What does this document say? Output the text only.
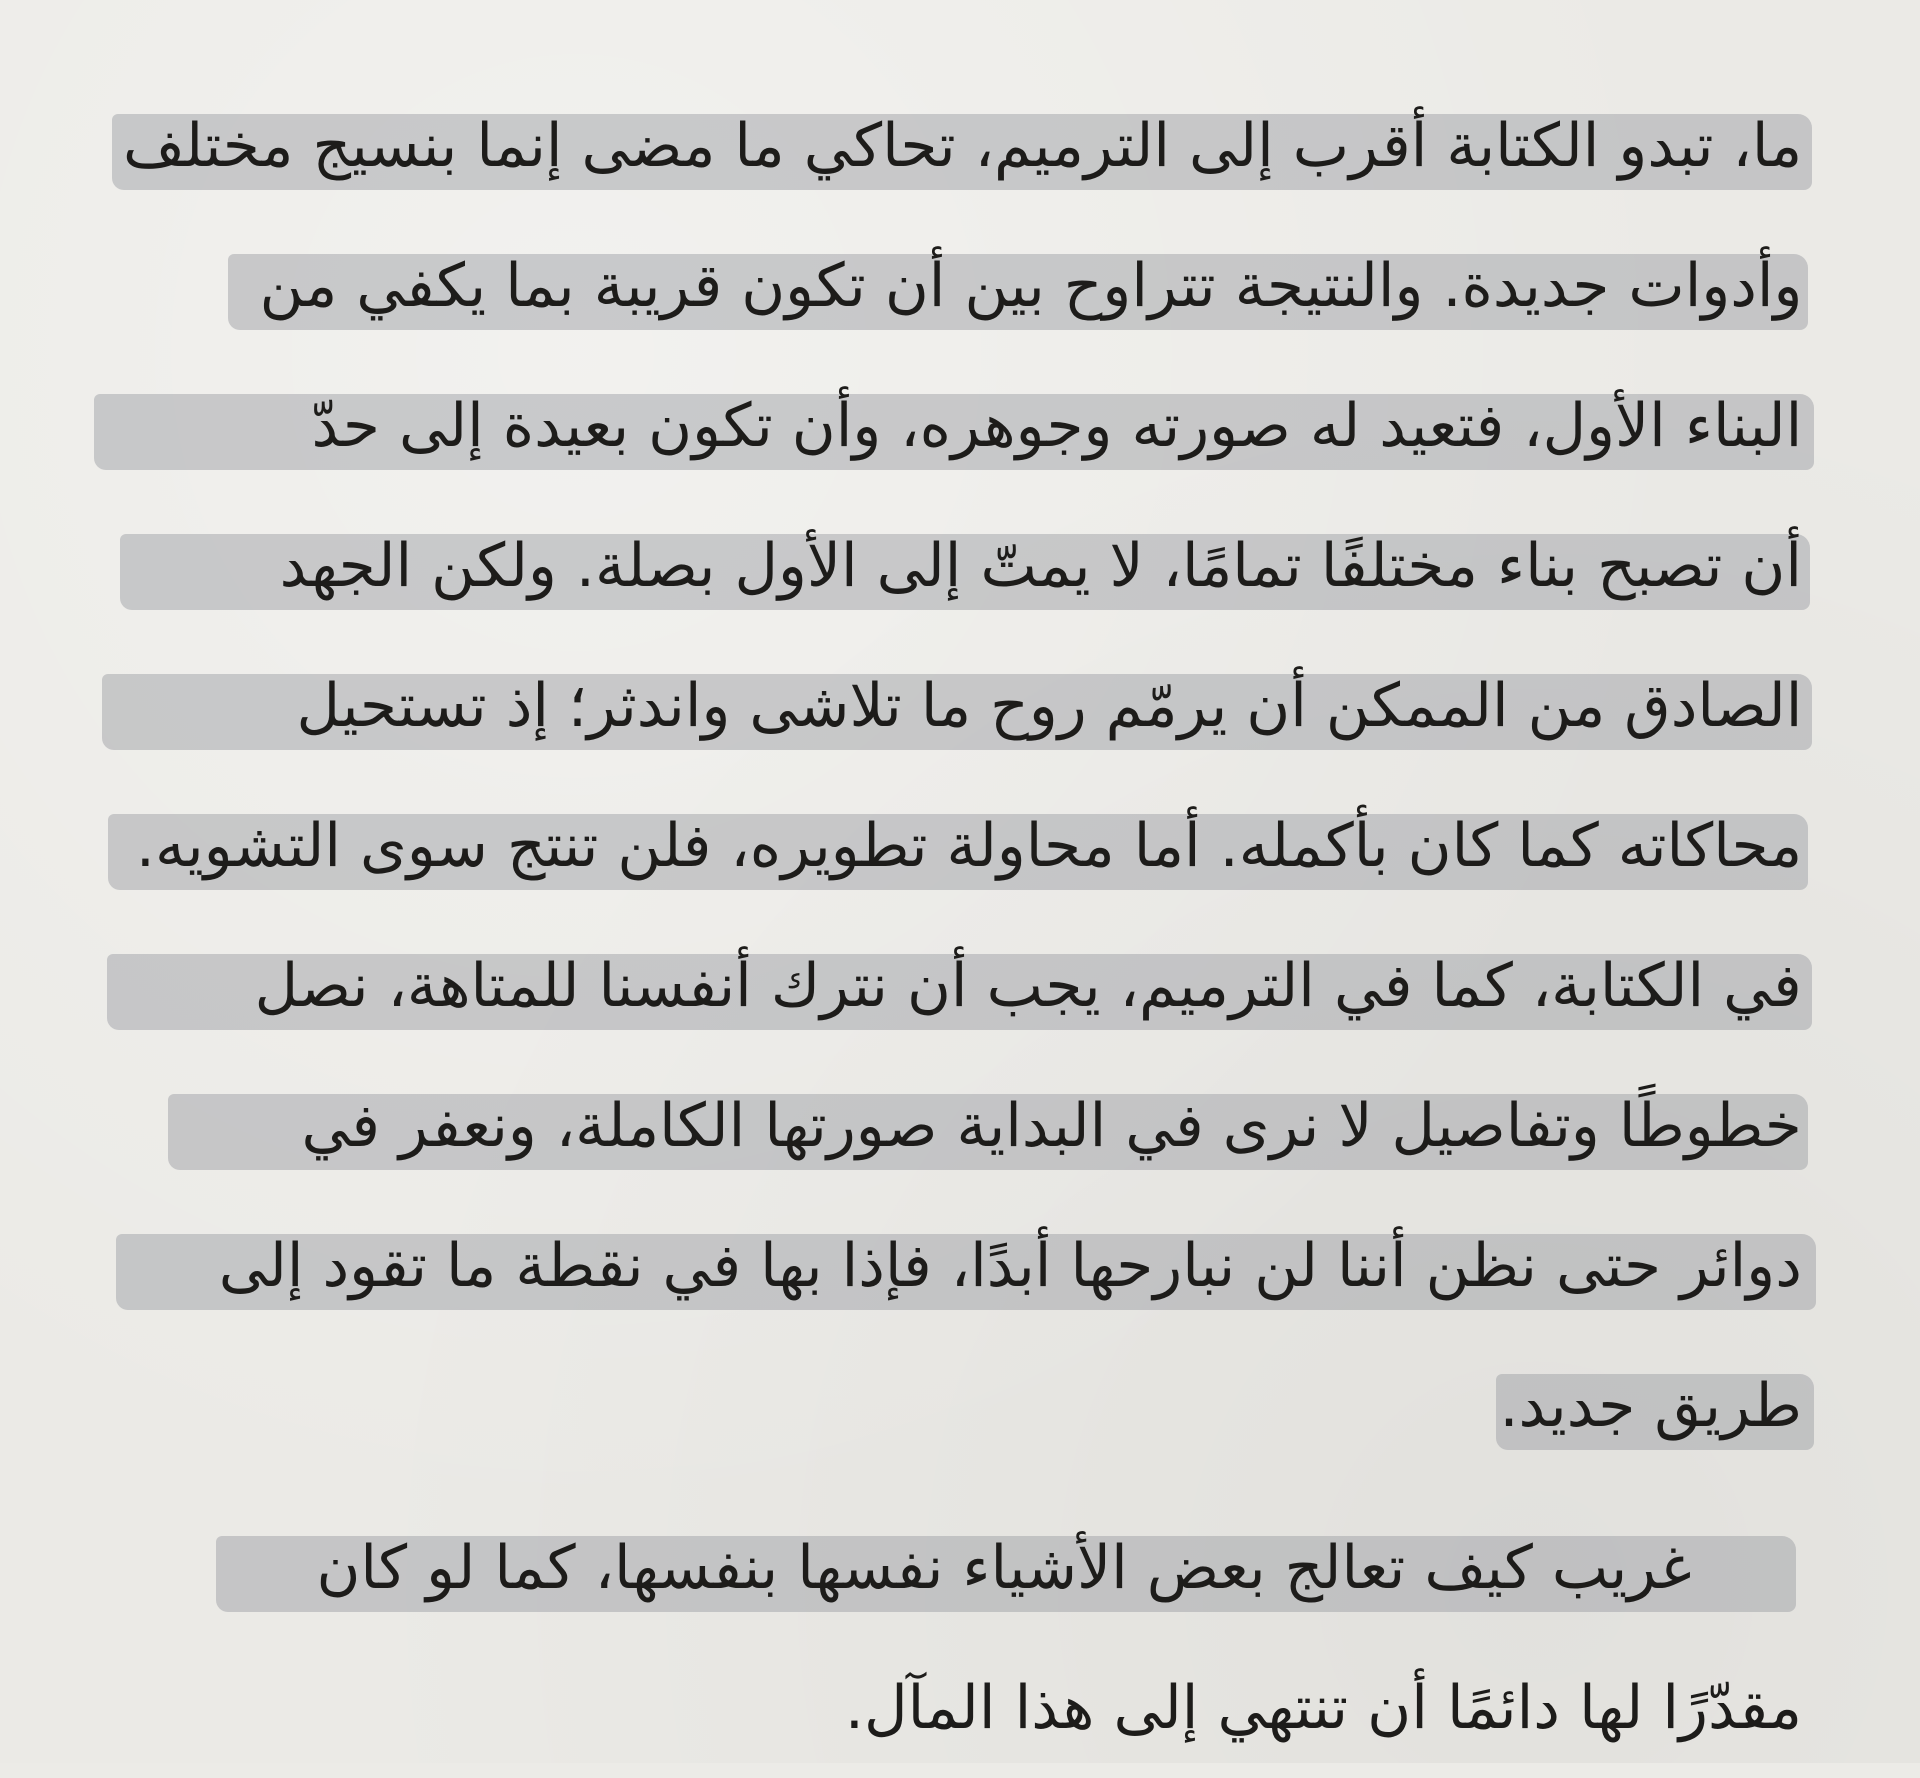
ما، تبدو الكتابة أقرب إلى الترميم، تحاكي ما مضى إنما بنسيج مختلف
وأدوات جديدة. والنتيجة تتراوح بين أن تكون قريبة بما يكفي من
البناء الأول، فتعيد له صورته وجوهره، وأن تكون بعيدة إلى حدّ
أن تصبح بناء مختلفًا تمامًا، لا يمتّ إلى الأول بصلة. ولكن الجهد
الصادق من الممكن أن يرمّم روح ما تلاشى واندثر؛ إذ تستحيل
محاكاته كما كان بأكمله. أما محاولة تطويره، فلن تنتج سوى التشويه.
في الكتابة، كما في الترميم، يجب أن نترك أنفسنا للمتاهة، نصل
خطوطًا وتفاصيل لا نرى في البداية صورتها الكاملة، ونعفر في
دوائر حتى نظن أننا لن نبارحها أبدًا، فإذا بها في نقطة ما تقود إلى
طريق جديد.
غريب كيف تعالج بعض الأشياء نفسها بنفسها، كما لو كان
مقدّرًا لها دائمًا أن تنتهي إلى هذا المآل.
